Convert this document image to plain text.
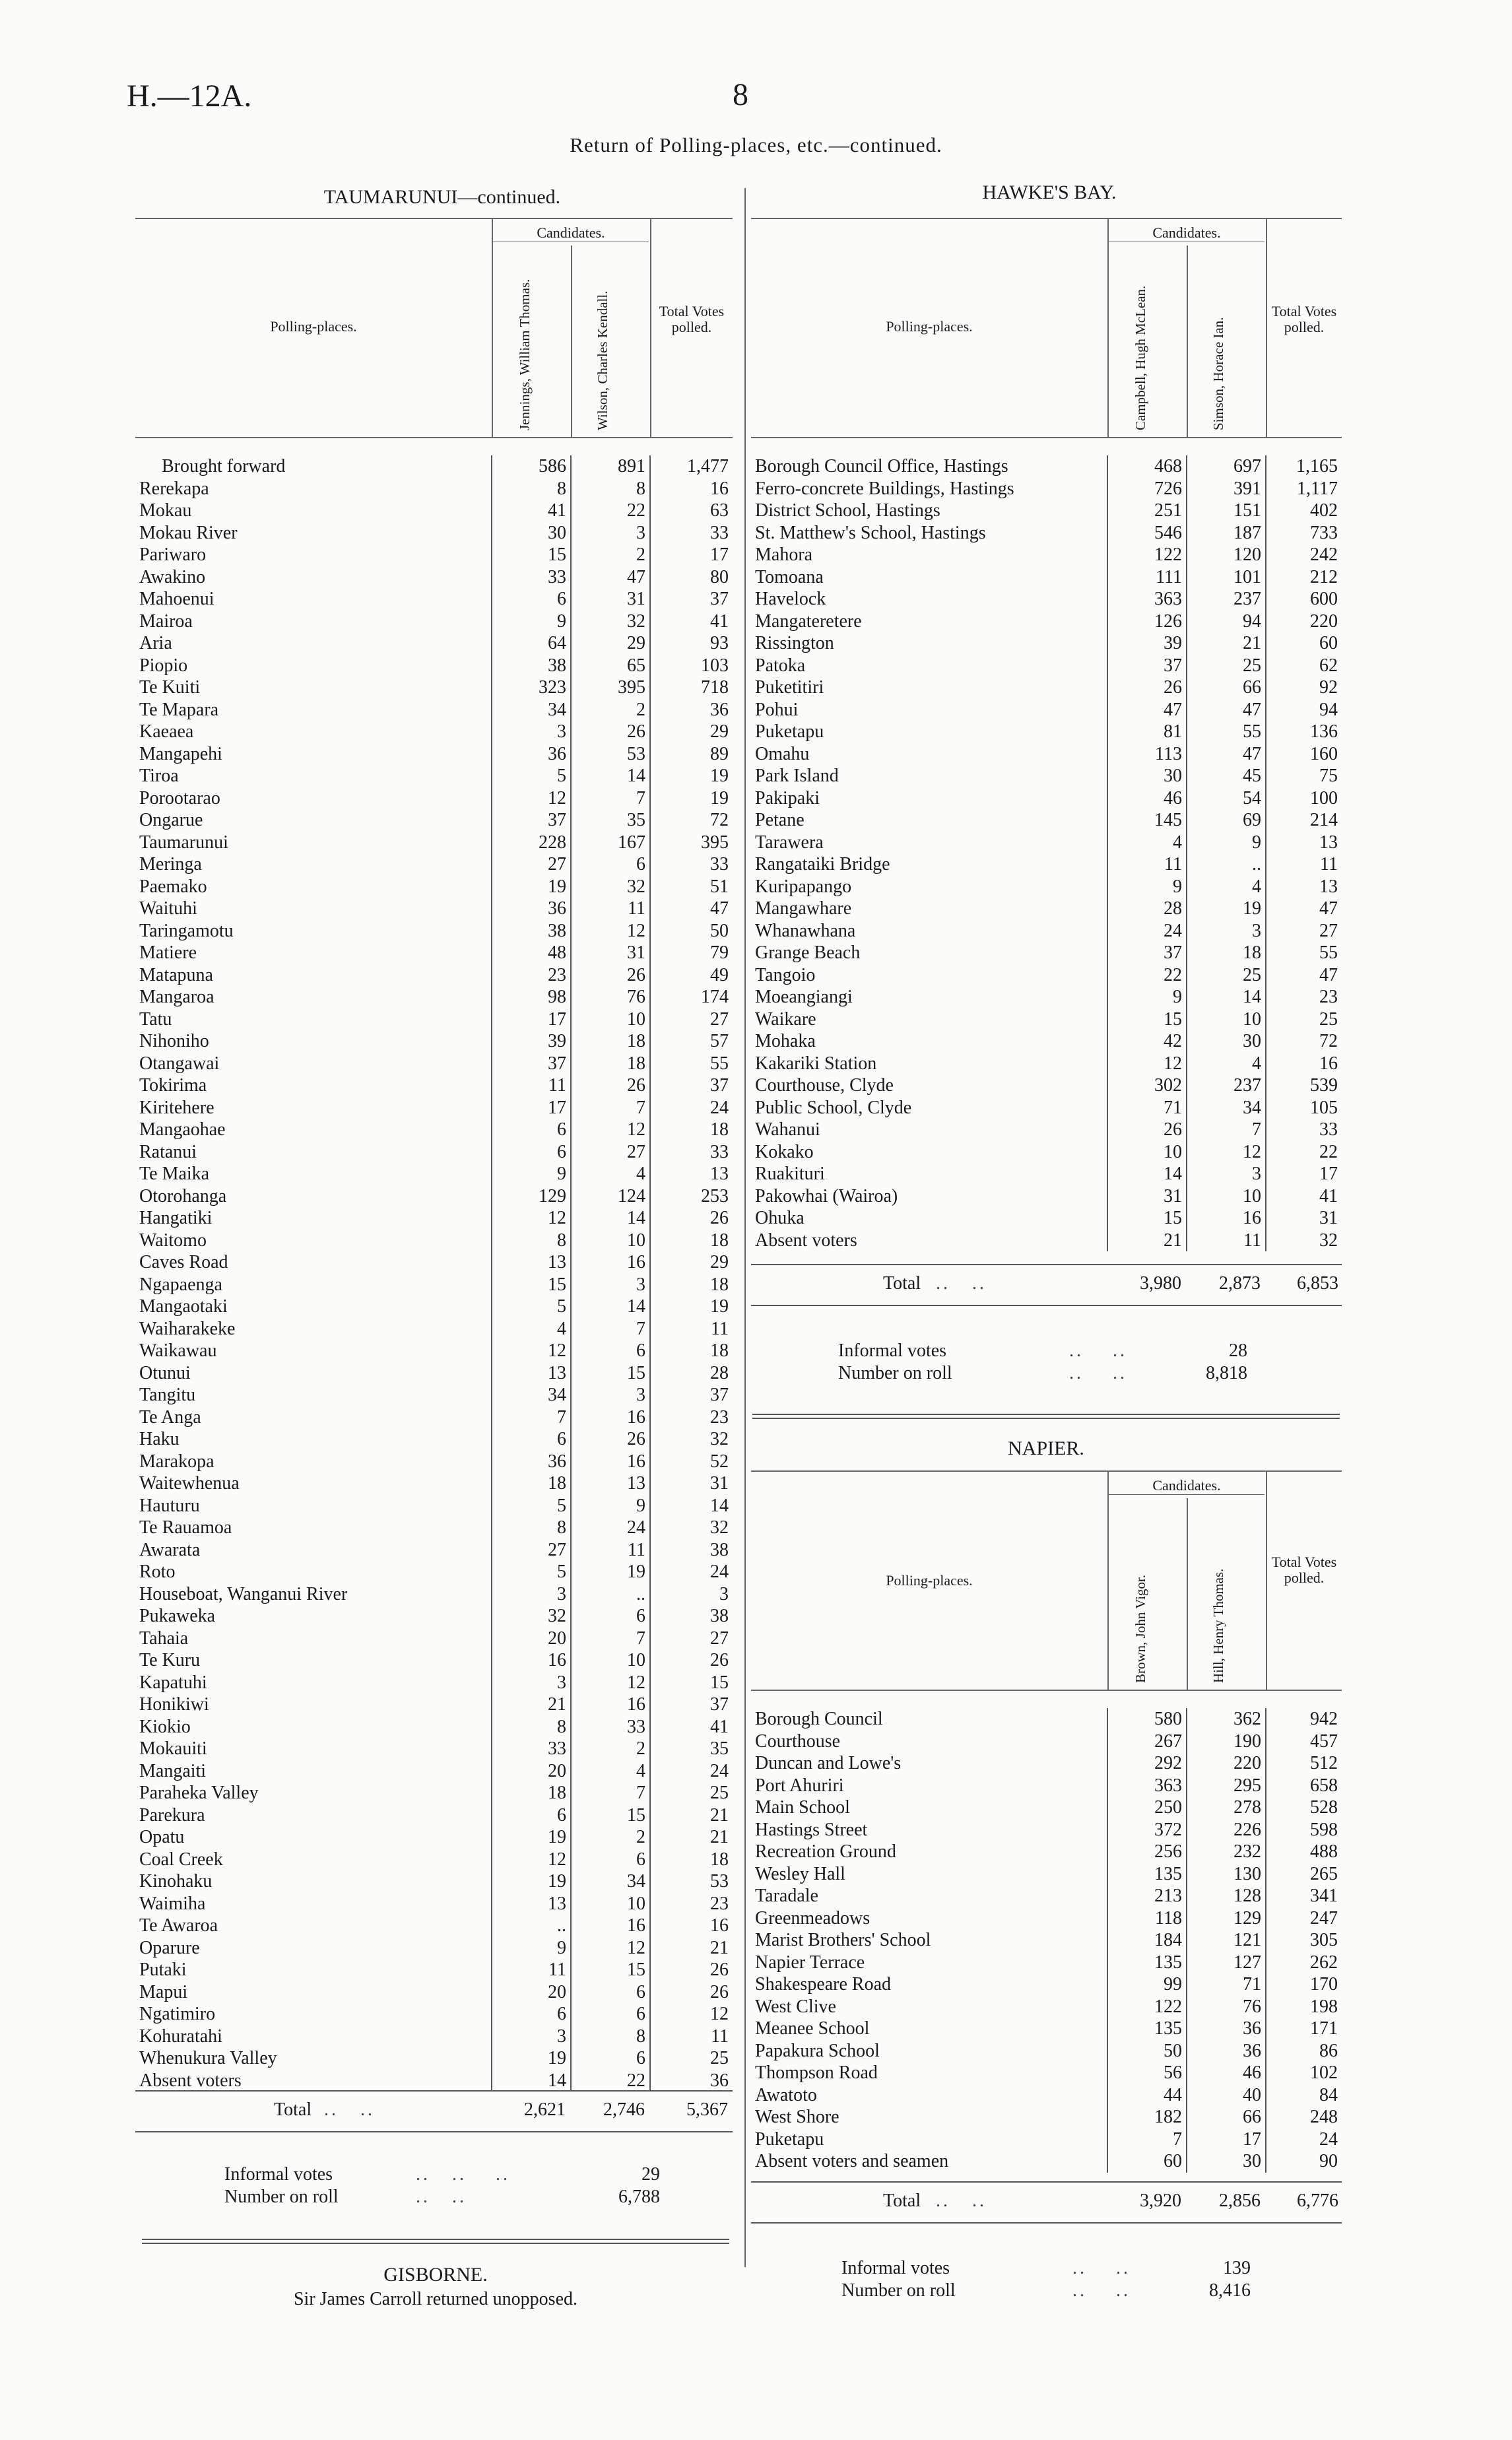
H.—12A.	8
Return of Polling-places, etc.—continued.
TAUMARUNUI—continued.
Polling-places.
Candidates.
Jennings, William Thomas.	Wilson, Charles Kendall.	Total Votes polled.
Brought forward	586	891	1,477
Rerekapa	8	8	16
Mokau	41	22	63
Mokau River	30	3	33
Pariwaro	15	2	17
Awakino	33	47	80
Mahoenui	6	31	37
Mairoa	9	32	41
Aria	64	29	93
Piopio	38	65	103
Te Kuiti	323	395	718
Te Mapara	34	2	36
Kaeaea	3	26	29
Mangapehi	36	53	89
Tiroa	5	14	19
Porootarao	12	7	19
Ongarue	37	35	72
Taumarunui	228	167	395
Meringa	27	6	33
Paemako	19	32	51
Waituhi	36	11	47
Taringamotu	38	12	50
Matiere	48	31	79
Matapuna	23	26	49
Mangaroa	98	76	174
Tatu	17	10	27
Nihoniho	39	18	57
Otangawai	37	18	55
Tokirima	11	26	37
Kiritehere	17	7	24
Mangaohae	6	12	18
Ratanui	6	27	33
Te Maika	9	4	13
Otorohanga	129	124	253
Hangatiki	12	14	26
Waitomo	8	10	18
Caves Road	13	16	29
Ngapaenga	15	3	18
Mangaotaki	5	14	19
Waiharakeke	4	7	11
Waikawau	12	6	18
Otunui	13	15	28
Tangitu	34	3	37
Te Anga	7	16	23
Haku	6	26	32
Marakopa	36	16	52
Waitewhenua	18	13	31
Hauturu	5	9	14
Te Rauamoa	8	24	32
Awarata	27	11	38
Roto	5	19	24
Houseboat, Wanganui River	3	..	3
Pukaweka	32	6	38
Tahaia	20	7	27
Te Kuru	16	10	26
Kapatuhi	3	12	15
Honikiwi	21	16	37
Kiokio	8	33	41
Mokauiti	33	2	35
Mangaiti	20	4	24
Paraheka Valley	18	7	25
Parekura	6	15	21
Opatu	19	2	21
Coal Creek	12	6	18
Kinohaku	19	34	53
Waimiha	13	10	23
Te Awaroa	..	16	16
Oparure	9	12	21
Putaki	11	15	26
Mapui	20	6	26
Ngatimiro	6	6	12
Kohuratahi	3	8	11
Whenukura Valley	19	6	25
Absent voters	14	22	36
Total ..   ..	2,621	2,746	5,367
Informal votes	..   ..    ..	29
Number on roll	..   ..	6,788
GISBORNE.
Sir James Carroll returned unopposed.
HAWKE'S BAY.
Polling-places.
Candidates.
Campbell, Hugh McLean.	Simson, Horace Ian.
Total Votes polled.
Borough Council Office, Hastings	468	697	1,165
Ferro-concrete Buildings, Hastings	726	391	1,117
District School, Hastings	251	151	402
St. Matthew's School, Hastings	546	187	733
Mahora	122	120	242
Tomoana	111	101	212
Havelock	363	237	600
Mangateretere	126	94	220
Rissington	39	21	60
Patoka	37	25	62
Puketitiri	26	66	92
Pohui	47	47	94
Puketapu	81	55	136
Omahu	113	47	160
Park Island	30	45	75
Pakipaki	46	54	100
Petane	145	69	214
Tarawera	4	9	13
Rangataiki Bridge	11	..	11
Kuripapango	9	4	13
Mangawhare	28	19	47
Whanawhana	24	3	27
Grange Beach	37	18	55
Tangoio	22	25	47
Moeangiangi	9	14	23
Waikare	15	10	25
Mohaka	42	30	72
Kakariki Station	12	4	16
Courthouse, Clyde	302	237	539
Public School, Clyde	71	34	105
Wahanui	26	7	33
Kokako	10	12	22
Ruakituri	14	3	17
Pakowhai (Wairoa)	31	10	41
Ohuka	15	16	31
Absent voters	21	11	32
Total ..   ..	3,980	2,873	6,853
Informal votes	..    ..	28
Number on roll	..    ..	8,818
NAPIER.
Polling-places.
Candidates.
Brown, John Vigor.	Hill, Henry Thomas.
Total Votes polled.
Borough Council	580	362	942
Courthouse	267	190	457
Duncan and Lowe's	292	220	512
Port Ahuriri	363	295	658
Main School	250	278	528
Hastings Street	372	226	598
Recreation Ground	256	232	488
Wesley Hall	135	130	265
Taradale	213	128	341
Greenmeadows	118	129	247
Marist Brothers' School	184	121	305
Napier Terrace	135	127	262
Shakespeare Road	99	71	170
West Clive	122	76	198
Meanee School	135	36	171
Papakura School	50	36	86
Thompson Road	56	46	102
Awatoto	44	40	84
West Shore	182	66	248
Puketapu	7	17	24
Absent voters and seamen	60	30	90
Total ..   ..	3,920	2,856	6,776
Informal votes	..    ..	139
Number on roll	..    ..	8,416
